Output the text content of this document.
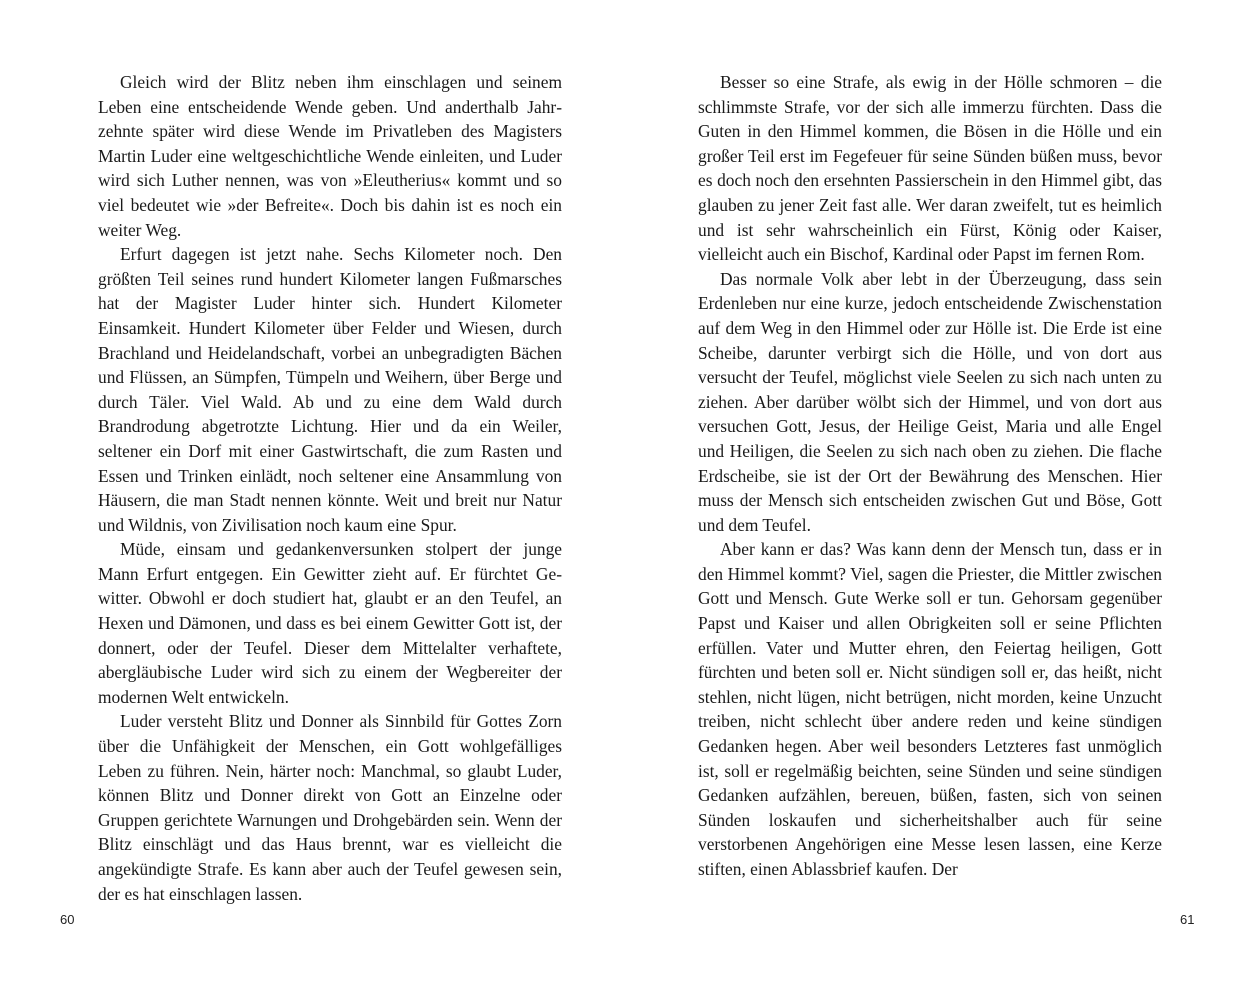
Gleich wird der Blitz neben ihm einschlagen und seinem Leben eine entscheidende Wende geben. Und anderthalb Jahrzehnte später wird diese Wende im Privatleben des Magisters Martin Luder eine weltgeschichtliche Wende einleiten, und Luder wird sich Luther nennen, was von »Eleutherius« kommt und so viel bedeutet wie »der Befreite«. Doch bis dahin ist es noch ein weiter Weg.

Erfurt dagegen ist jetzt nahe. Sechs Kilometer noch. Den größten Teil seines rund hundert Kilometer langen Fußmarsches hat der Magister Luder hinter sich. Hundert Kilometer Einsamkeit. Hundert Kilometer über Felder und Wiesen, durch Brachland und Heidelandschaft, vorbei an unbegradigten Bächen und Flüssen, an Sümpfen, Tümpeln und Weihern, über Berge und durch Täler. Viel Wald. Ab und zu eine dem Wald durch Brandrodung abgetrotzte Lichtung. Hier und da ein Weiler, seltener ein Dorf mit einer Gastwirtschaft, die zum Rasten und Essen und Trinken einlädt, noch seltener eine Ansammlung von Häusern, die man Stadt nennen könnte. Weit und breit nur Natur und Wildnis, von Zivilisation noch kaum eine Spur.

Müde, einsam und gedankenversunken stolpert der junge Mann Erfurt entgegen. Ein Gewitter zieht auf. Er fürchtet Gewitter. Obwohl er doch studiert hat, glaubt er an den Teufel, an Hexen und Dämonen, und dass es bei einem Gewitter Gott ist, der donnert, oder der Teufel. Dieser dem Mittelalter verhaftete, abergläubische Luder wird sich zu einem der Wegbereiter der modernen Welt entwickeln.

Luder versteht Blitz und Donner als Sinnbild für Gottes Zorn über die Unfähigkeit der Menschen, ein Gott wohlgefälliges Leben zu führen. Nein, härter noch: Manchmal, so glaubt Luder, können Blitz und Donner direkt von Gott an Einzelne oder Gruppen gerichtete Warnungen und Drohgebärden sein. Wenn der Blitz einschlägt und das Haus brennt, war es vielleicht die angekündigte Strafe. Es kann aber auch der Teufel gewesen sein, der es hat einschlagen lassen.

60

Besser so eine Strafe, als ewig in der Hölle schmoren – die schlimmste Strafe, vor der sich alle immerzu fürchten. Dass die Guten in den Himmel kommen, die Bösen in die Hölle und ein großer Teil erst im Fegefeuer für seine Sünden büßen muss, bevor es doch noch den ersehnten Passierschein in den Himmel gibt, das glauben zu jener Zeit fast alle. Wer daran zweifelt, tut es heimlich und ist sehr wahrscheinlich ein Fürst, König oder Kaiser, vielleicht auch ein Bischof, Kardinal oder Papst im fernen Rom.

Das normale Volk aber lebt in der Überzeugung, dass sein Erdenleben nur eine kurze, jedoch entscheidende Zwischenstation auf dem Weg in den Himmel oder zur Hölle ist. Die Erde ist eine Scheibe, darunter verbirgt sich die Hölle, und von dort aus versucht der Teufel, möglichst viele Seelen zu sich nach unten zu ziehen. Aber darüber wölbt sich der Himmel, und von dort aus versuchen Gott, Jesus, der Heilige Geist, Maria und alle Engel und Heiligen, die Seelen zu sich nach oben zu ziehen. Die flache Erdscheibe, sie ist der Ort der Bewährung des Menschen. Hier muss der Mensch sich entscheiden zwischen Gut und Böse, Gott und dem Teufel.

Aber kann er das? Was kann denn der Mensch tun, dass er in den Himmel kommt? Viel, sagen die Priester, die Mittler zwischen Gott und Mensch. Gute Werke soll er tun. Gehorsam gegenüber Papst und Kaiser und allen Obrigkeiten soll er seine Pflichten erfüllen. Vater und Mutter ehren, den Feiertag heiligen, Gott fürchten und beten soll er. Nicht sündigen soll er, das heißt, nicht stehlen, nicht lügen, nicht betrügen, nicht morden, keine Unzucht treiben, nicht schlecht über andere reden und keine sündigen Gedanken hegen. Aber weil besonders Letzteres fast unmöglich ist, soll er regelmäßig beichten, seine Sünden und seine sündigen Gedanken aufzählen, bereuen, büßen, fasten, sich von seinen Sünden loskaufen und sicherheitshalber auch für seine verstorbenen Angehörigen eine Messe lesen lassen, eine Kerze stiften, einen Ablassbrief kaufen. Der

61
